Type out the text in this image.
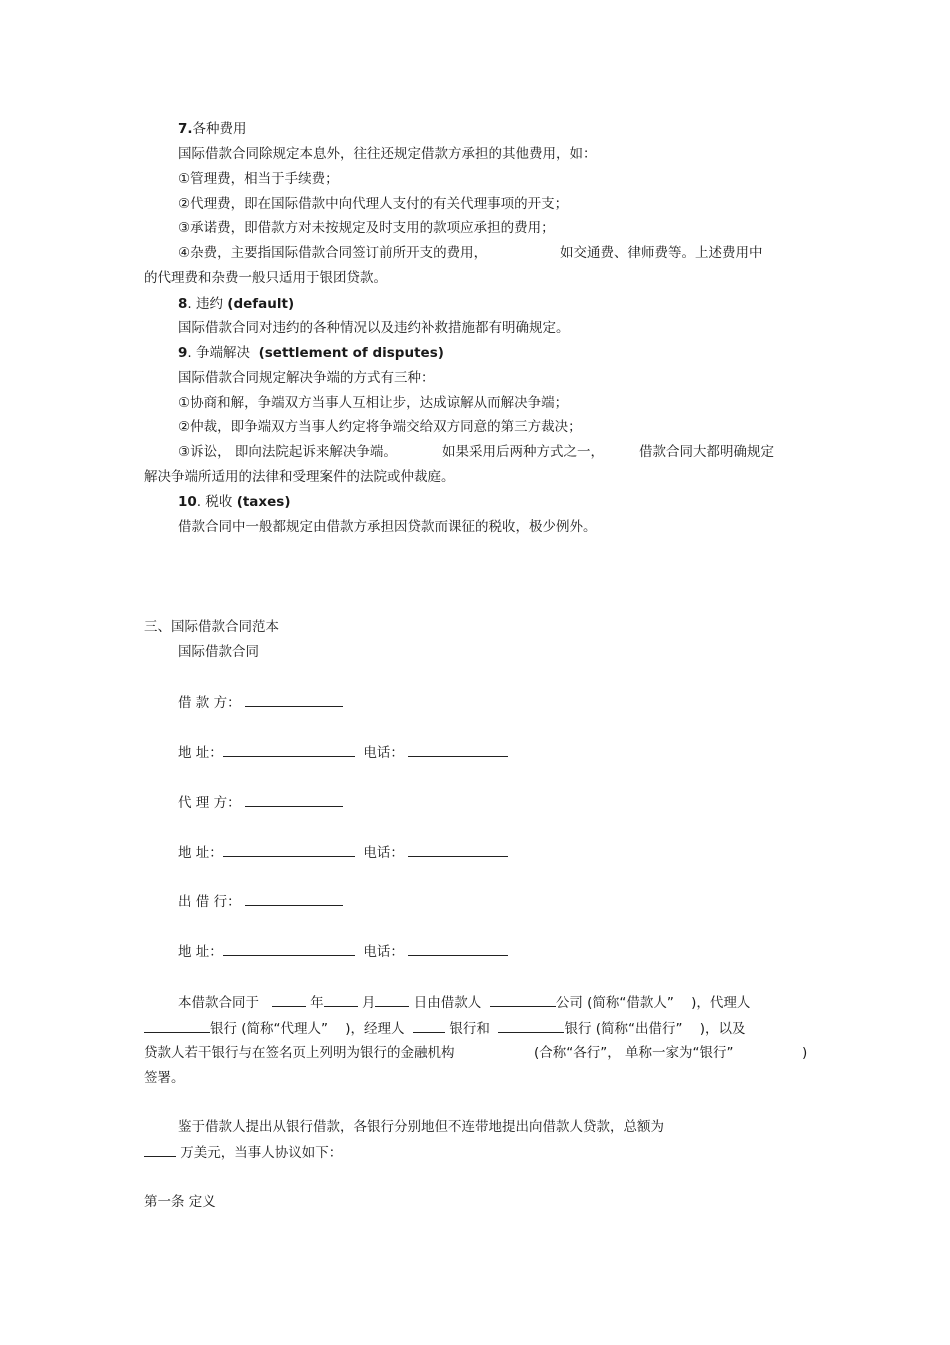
7.各种费用
国际借款合同除规定本息外，往往还规定借款方承担的其他费用，如：
①管理费，相当于手续费；
②代理费，即在国际借款中向代理人支付的有关代理事项的开支；
③承诺费，即借款方对未按规定及时支用的款项应承担的费用；
④杂费，主要指国际借款合同签订前所开支的费用，	如交通费、律师费等。上述费用中
的代理费和杂费一般只适用于银团贷款。
8. 违约 (default)
国际借款合同对违约的各种情况以及违约补救措施都有明确规定。
9. 争端解决 (settlement of disputes)
国际借款合同规定解决争端的方式有三种：
①协商和解，争端双方当事人互相让步，达成谅解从而解决争端；
②仲裁，即争端双方当事人约定将争端交给双方同意的第三方裁决；
③诉讼， 即向法院起诉来解决争端。	如果采用后两种方式之一，	借款合同大都明确规定
解决争端所适用的法律和受理案件的法院或仲裁庭。
10. 税收 (taxes)
借款合同中一般都规定由借款方承担因贷款而课征的税收，极少例外。
三、国际借款合同范本
国际借款合同
借 款 方：
地 址：	电话：
代 理 方：
地 址：	电话：
出 借 行：
地 址：	电话：
本借款合同于	年	月	日由借款人	公司 (简称“借款人” )，代理人
银行 (简称“代理人” )，经理人	银行和	银行 (简称“出借行” )，以及
贷款人若干银行与在签名页上列明为银行的金融机构	(合称“各行”， 单称一家为“银行”	)
签署。
鉴于借款人提出从银行借款，各银行分别地但不连带地提出向借款人贷款，总额为
万美元，当事人协议如下：
第一条 定义
